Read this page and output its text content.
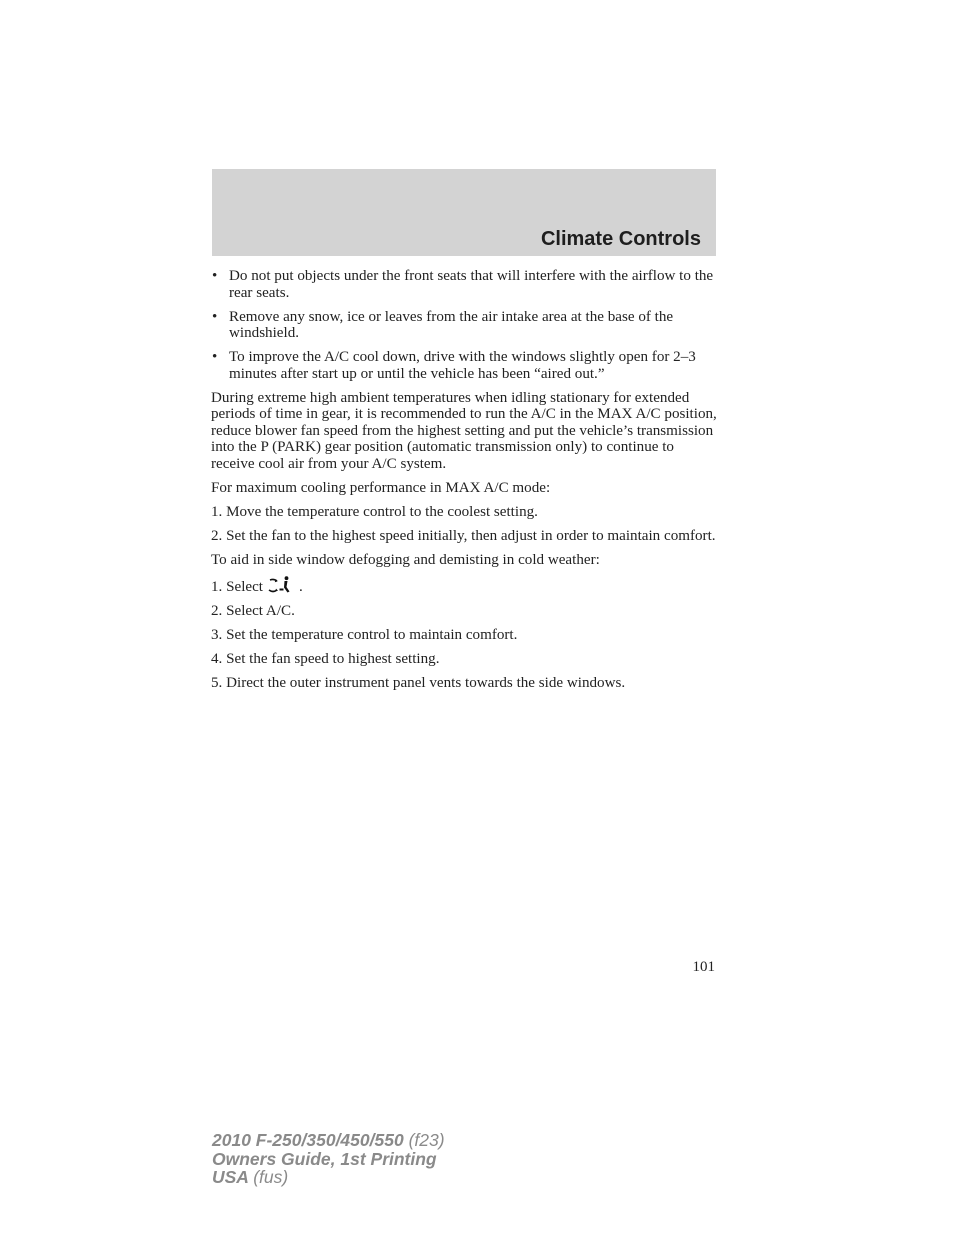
Climate Controls
• Do not put objects under the front seats that will interfere with the airflow to the rear seats.
• Remove any snow, ice or leaves from the air intake area at the base of the windshield.
• To improve the A/C cool down, drive with the windows slightly open for 2–3 minutes after start up or until the vehicle has been “aired out.”

During extreme high ambient temperatures when idling stationary for extended periods of time in gear, it is recommended to run the A/C in the MAX A/C position, reduce blower fan speed from the highest setting and put the vehicle’s transmission into the P (PARK) gear position (automatic transmission only) to continue to receive cool air from your A/C system.

For maximum cooling performance in MAX A/C mode:

1. Move the temperature control to the coolest setting.

2. Set the fan to the highest speed initially, then adjust in order to maintain comfort.

To aid in side window defogging and demisting in cold weather:

1. Select .

2. Select A/C.

3. Set the temperature control to maintain comfort.

4. Set the fan speed to highest setting.

5. Direct the outer instrument panel vents towards the side windows.

101
2010 F-250/350/450/550 (f23)
Owners Guide, 1st Printing
USA (fus)
